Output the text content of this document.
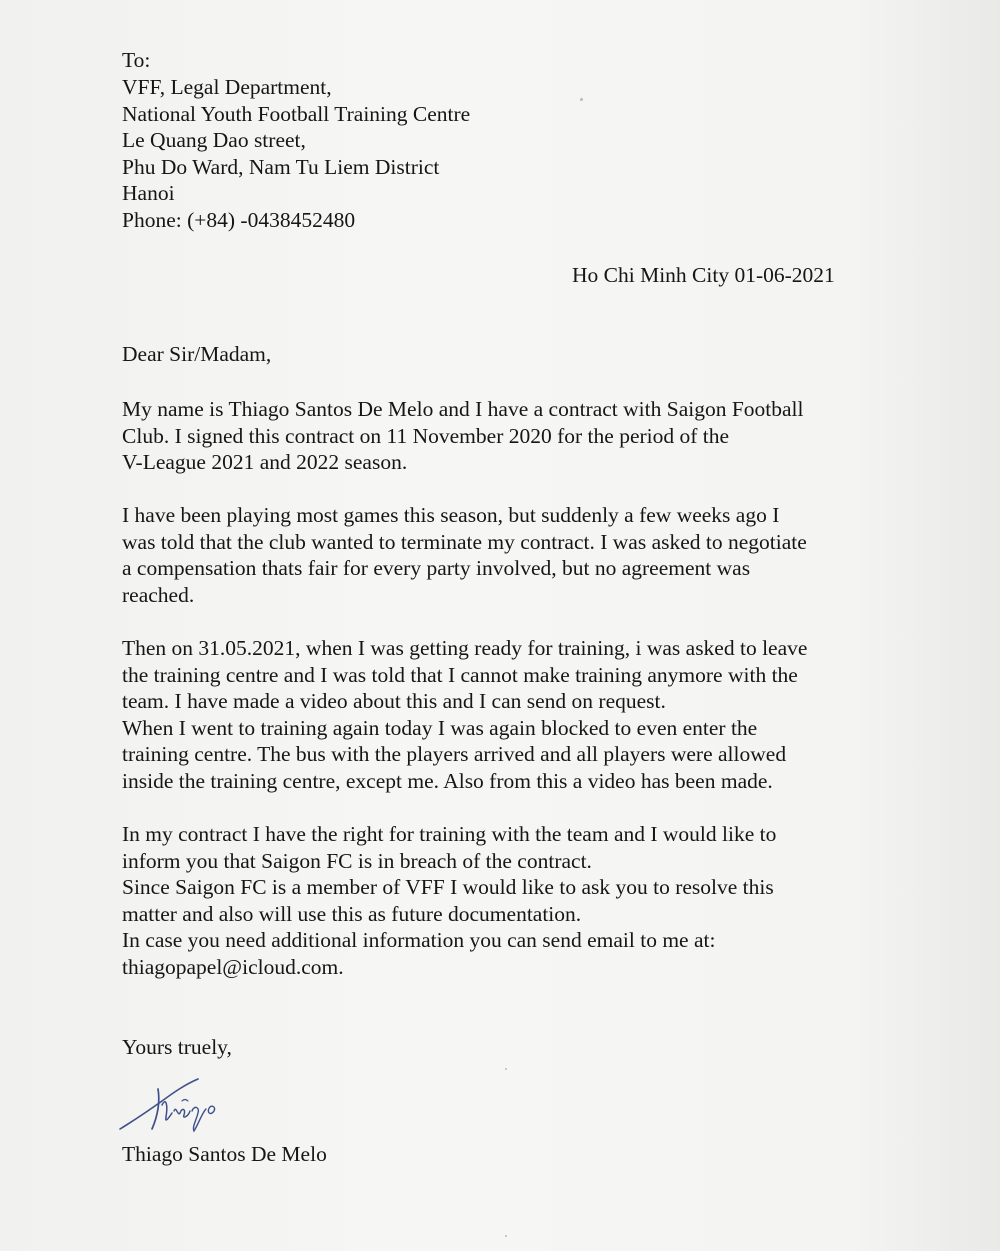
To:
VFF, Legal Department,
National Youth Football Training Centre
Le Quang Dao street,
Phu Do Ward, Nam Tu Liem District
Hanoi
Phone: (+84) -0438452480
Ho Chi Minh City 01-06-2021
Dear Sir/Madam,
My name is Thiago Santos De Melo and I have a contract with Saigon Football
Club. I signed this contract on 11 November 2020 for the period of the
V-League 2021 and 2022 season.
I have been playing most games this season, but suddenly a few weeks ago I
was told that the club wanted to terminate my contract. I was asked to negotiate
a compensation thats fair for every party involved, but no agreement was
reached.
Then on 31.05.2021, when I was getting ready for training, i was asked to leave
the training centre and I was told that I cannot make training anymore with the
team. I have made a video about this and I can send on request.
When I went to training again today I was again blocked to even enter the
training centre. The bus with the players arrived and all players were allowed
inside the training centre, except me. Also from this a video has been made.
In my contract I have the right for training with the team and I would like to
inform you that Saigon FC is in breach of the contract.
Since Saigon FC is a member of VFF I would like to ask you to resolve this
matter and also will use this as future documentation.
In case you need additional information you can send email to me at:
thiagopapel@icloud.com.
Yours truely,
Thiago Santos De Melo
